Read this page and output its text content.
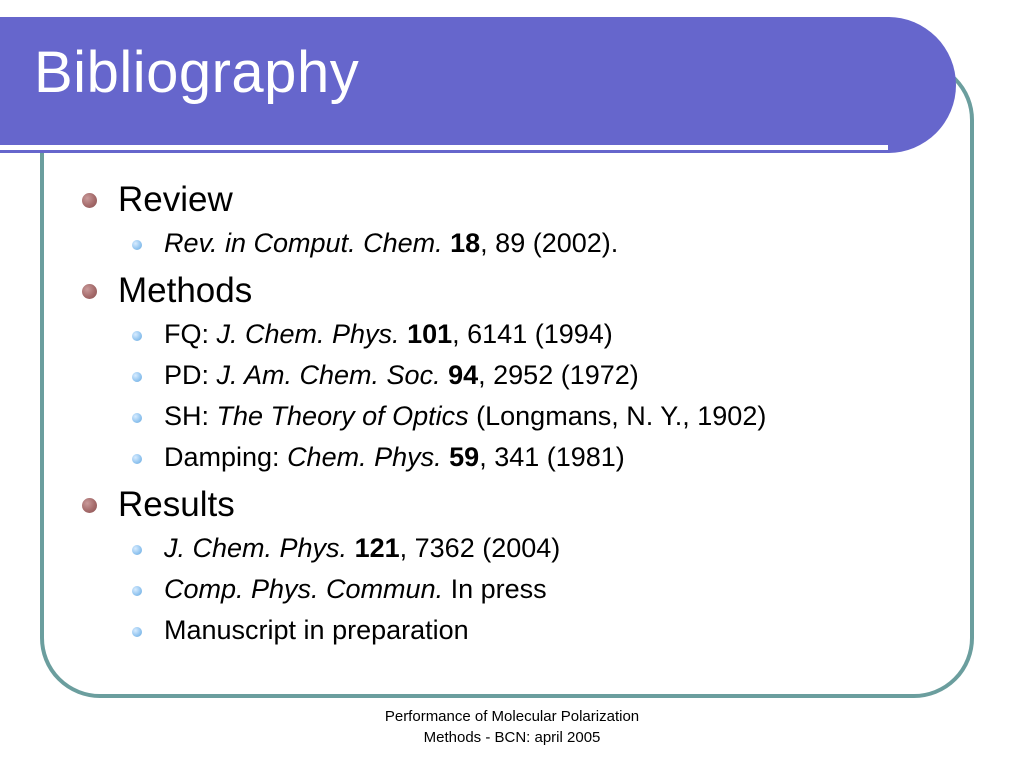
Bibliography
Review
Rev. in Comput. Chem. 18, 89 (2002).
Methods
FQ: J. Chem. Phys. 101, 6141 (1994)
PD: J. Am. Chem. Soc. 94, 2952 (1972)
SH: The Theory of Optics (Longmans, N. Y., 1902)
Damping: Chem. Phys. 59, 341 (1981)
Results
J. Chem. Phys. 121, 7362 (2004)
Comp. Phys. Commun. In press
Manuscript in preparation
Performance of Molecular Polarization
Methods - BCN: april 2005
